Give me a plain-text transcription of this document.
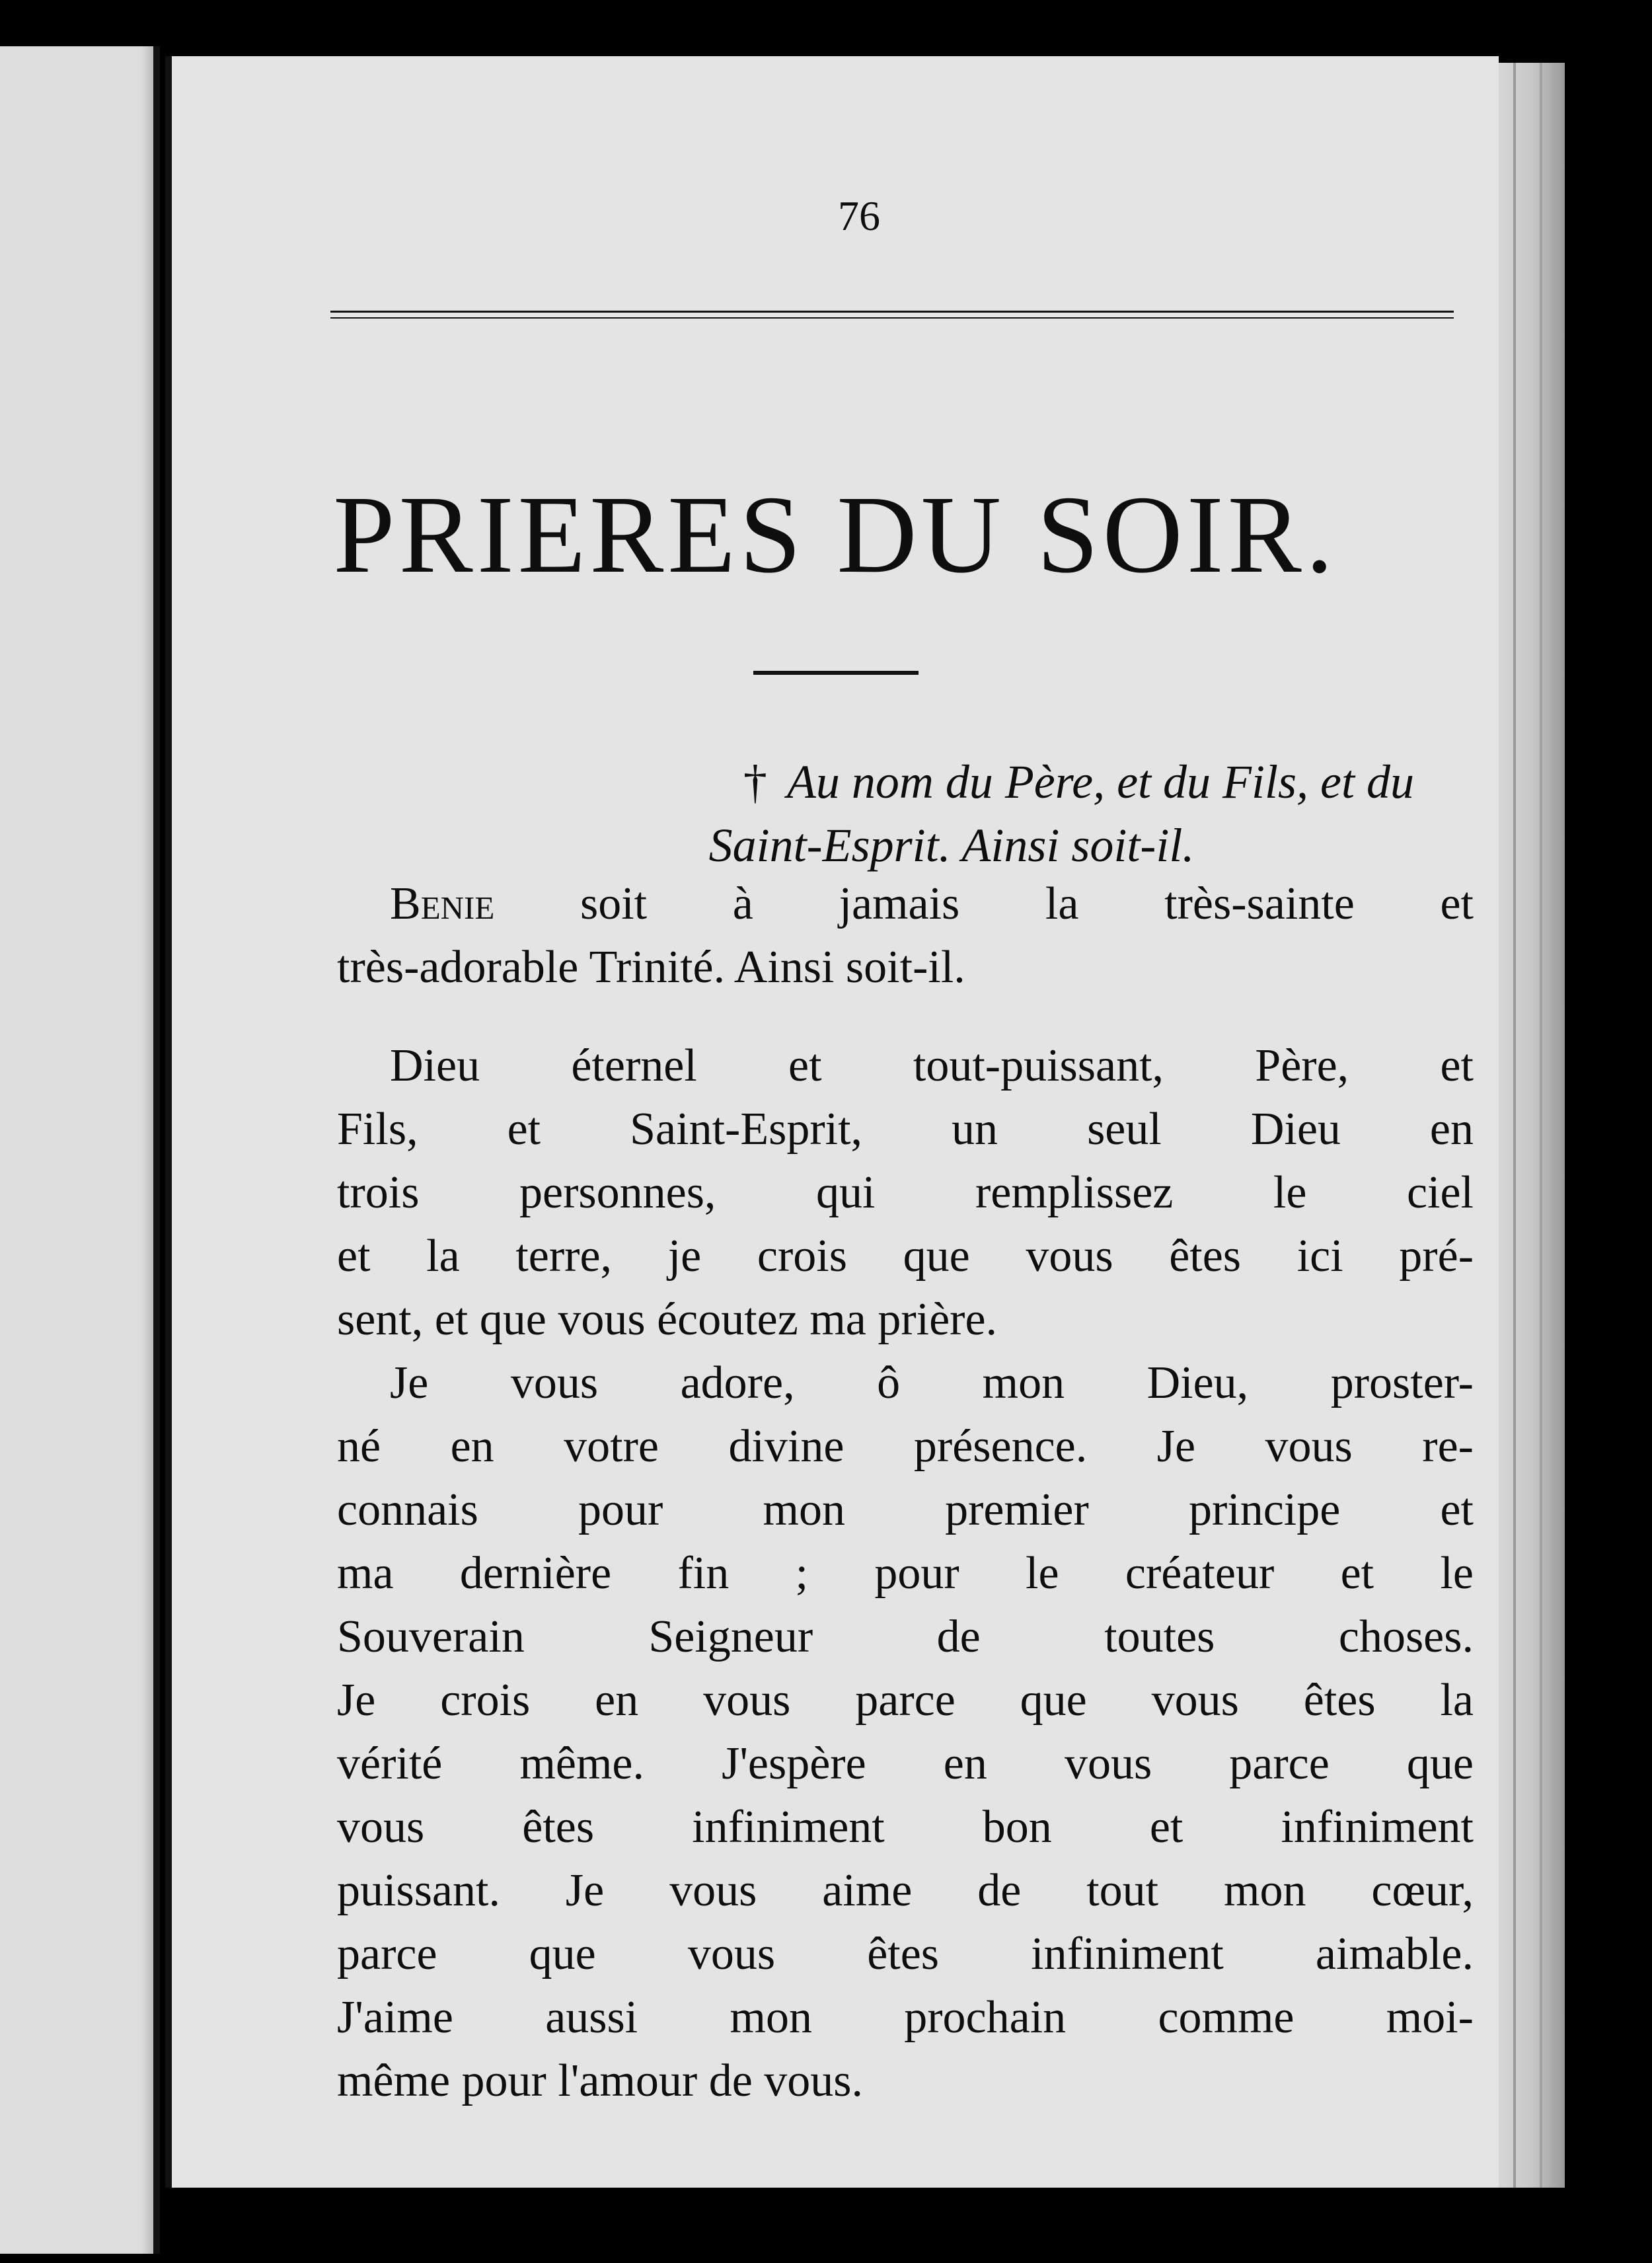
76
PRIERES DU SOIR.
† Au nom du Père, et du Fils, et du
Saint-Esprit. Ainsi soit-il.
Benie soit à jamais la très-sainte et
très-adorable Trinité. Ainsi soit-il.
Dieu éternel et tout-puissant, Père, et
Fils, et Saint-Esprit, un seul Dieu en
trois personnes, qui remplissez le ciel
et la terre, je crois que vous êtes ici pré-
sent, et que vous écoutez ma prière.
Je vous adore, ô mon Dieu, proster-
né en votre divine présence. Je vous re-
connais pour mon premier principe et
ma dernière fin ; pour le créateur et le
Souverain Seigneur de toutes choses.
Je crois en vous parce que vous êtes la
vérité même. J'espère en vous parce que
vous êtes infiniment bon et infiniment
puissant. Je vous aime de tout mon cœur,
parce que vous êtes infiniment aimable.
J'aime aussi mon prochain comme moi-
même pour l'amour de vous.
